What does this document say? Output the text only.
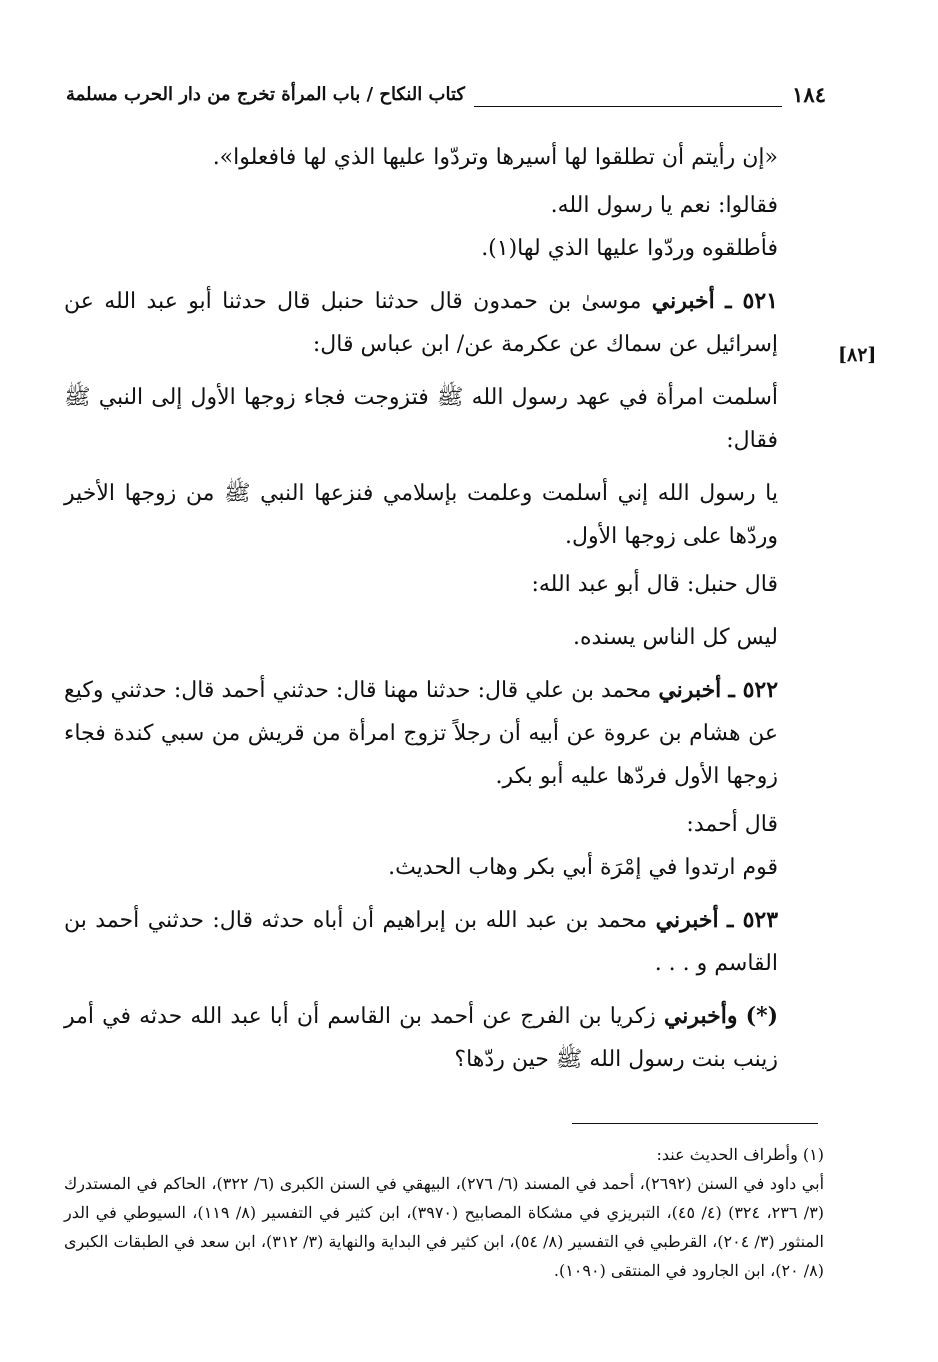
١٨٤
كتاب النكاح / باب المرأة تخرج من دار الحرب مسلمة
[٨٢]

«إن رأيتم أن تطلقوا لها أسيرها وتردّوا عليها الذي لها فافعلوا».

فقالوا: نعم يا رسول الله.

فأطلقوه وردّوا عليها الذي لها(١).

٥٢١ ـ أخبرني موسىٰ بن حمدون قال حدثنا حنبل قال حدثنا أبو عبد الله عن إسرائيل عن سماك عن عكرمة عن/ ابن عباس قال:

أسلمت امرأة في عهد رسول الله ﷺ فتزوجت فجاء زوجها الأول إلى النبي ﷺ فقال:

يا رسول الله إني أسلمت وعلمت بإسلامي فنزعها النبي ﷺ من زوجها الأخير وردّها على زوجها الأول.

قال حنبل: قال أبو عبد الله:

ليس كل الناس يسنده.

٥٢٢ ـ أخبرني محمد بن علي قال: حدثنا مهنا قال: حدثني أحمد قال: حدثني وكيع عن هشام بن عروة عن أبيه أن رجلاً تزوج امرأة من قريش من سبي كندة فجاء زوجها الأول فردّها عليه أبو بكر.

قال أحمد:

قوم ارتدوا في إمْرَة أبي بكر وهاب الحديث.

٥٢٣ ـ أخبرني محمد بن عبد الله بن إبراهيم أن أباه حدثه قال: حدثني أحمد بن القاسم و . . .

(*) وأخبرني زكريا بن الفرج عن أحمد بن القاسم أن أبا عبد الله حدثه في أمر زينب بنت رسول الله ﷺ حين ردّها؟

(١) وأطراف الحديث عند:

أبي داود في السنن (٢٦٩٢)، أحمد في المسند (٦/ ٢٧٦)، البيهقي في السنن الكبرى (٦/ ٣٢٢)، الحاكم في المستدرك (٣/ ٢٣٦، ٣٢٤) (٤/ ٤٥)، التبريزي في مشكاة المصابيح (٣٩٧٠)، ابن كثير في التفسير (٨/ ١١٩)، السيوطي في الدر المنثور (٣/ ٢٠٤)، القرطبي في التفسير (٨/ ٥٤)، ابن كثير في البداية والنهاية (٣/ ٣١٢)، ابن سعد في الطبقات الكبرى (٨/ ٢٠)، ابن الجارود في المنتقى (١٠٩٠).
